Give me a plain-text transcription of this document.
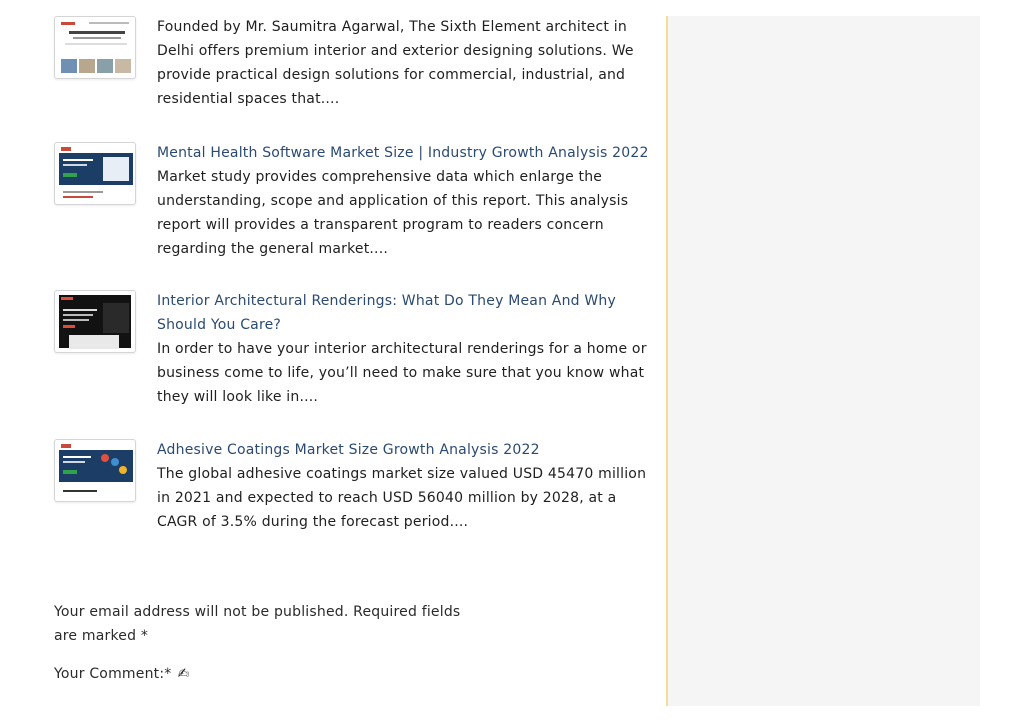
Founded by Mr. Saumitra Agarwal, The Sixth Element architect in Delhi offers premium interior and exterior designing solutions. We provide practical design solutions for commercial, industrial, and residential spaces that....
Mental Health Software Market Size | Industry Growth Analysis 2022
Market study provides comprehensive data which enlarge the understanding, scope and application of this report. This analysis report will provides a transparent program to readers concern regarding the general market....
Interior Architectural Renderings: What Do They Mean And Why Should You Care?
In order to have your interior architectural renderings for a home or business come to life, you’ll need to make sure that you know what they will look like in....
Adhesive Coatings Market Size Growth Analysis 2022
The global adhesive coatings market size valued USD 45470 million in 2021 and expected to reach USD 56040 million by 2028, at a CAGR of 3.5% during the forecast period....
Your email address will not be published. Required fields are marked *
Your Comment:* ✍
